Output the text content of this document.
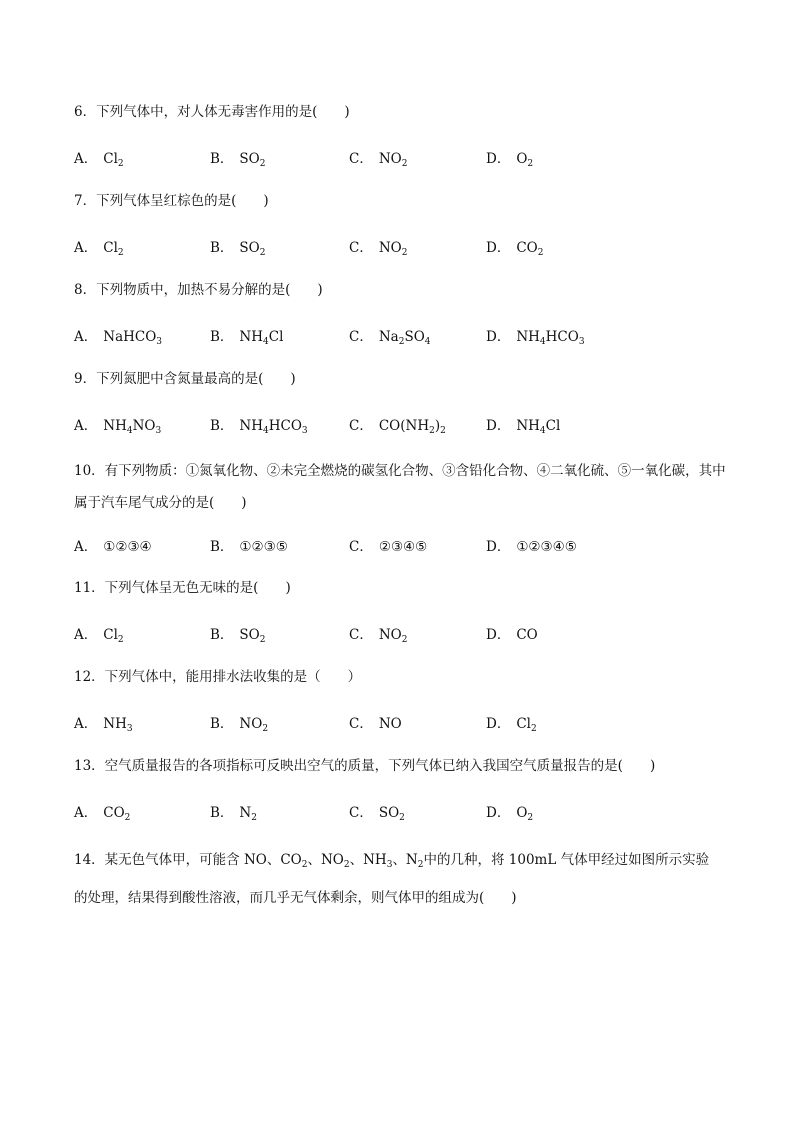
6．下列气体中，对人体无毒害作用的是(　　)
A． $Cl_2$	B． $SO_2$	C． $NO_2$	D． $O_2$
7．下列气体呈红棕色的是(　　)
A． $Cl_2$	B． $SO_2$	C． $NO_2$	D． $CO_2$
8．下列物质中，加热不易分解的是(　　)
A． NaHCO$_3$	B． $NH_4Cl$	C． $Na_2SO_4$	D． $NH_4HCO_3$
9．下列氮肥中含氮量最高的是(　　)
A． $NH_4NO_3$	B． $NH_4HCO_3$	C． $CO(NH_2)_2$	D． $NH_4Cl$
10．有下列物质：①氮氧化物、②未完全燃烧的碳氢化合物、③含铅化合物、④二氧化硫、⑤一氧化碳，其中属于汽车尾气成分的是(　　)
A． ①②③④	B． ①②③⑤	C． ②③④⑤	D． ①②③④⑤
11．下列气体呈无色无味的是(　　)
A． $Cl_2$	B． $SO_2$	C． $NO_2$	D． CO
12．下列气体中，能用排水法收集的是（　　）
A． $NH_3$	B． $NO_2$	C． NO	D． $Cl_2$
13．空气质量报告的各项指标可反映出空气的质量，下列气体已纳入我国空气质量报告的是(　　)
A． $CO_2$	B． $N_2$	C． $SO_2$	D． $O_2$
14．某无色气体甲，可能含 NO、$CO_2$、$NO_2$、$NH_3$、$N_2$中的几种，将 100mL 气体甲经过如图所示实验
的处理，结果得到酸性溶液，而几乎无气体剩余，则气体甲的组成为(　　)
